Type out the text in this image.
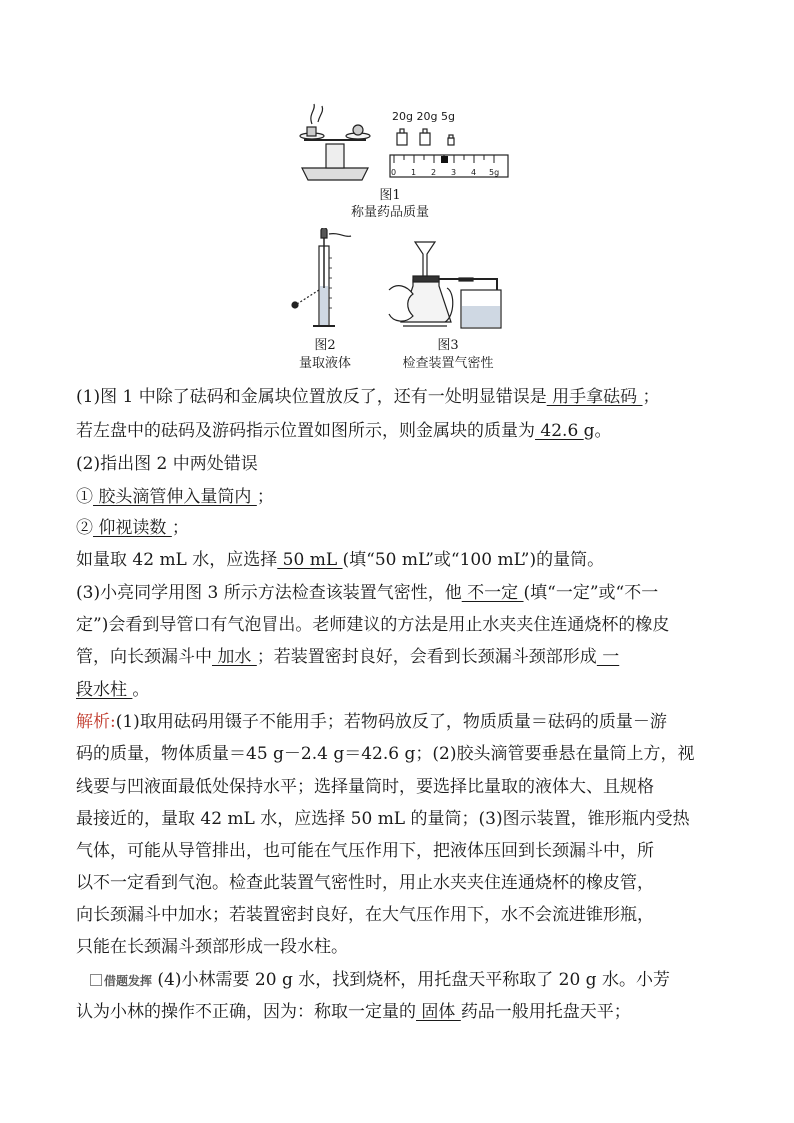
20g 20g 5g
0 1 2 3 4 5g
图1
称量药品质量
图2
量取液体
图3
检查装置气密性
(1)图 1 中除了砝码和金属块位置放反了，还有一处明显错误是 用手拿砝码 ；
若左盘中的砝码及游码指示位置如图所示，则金属块的质量为 42.6 g。
(2)指出图 2 中两处错误
① 胶头滴管伸入量筒内 ；
② 仰视读数 ；
如量取 42 mL 水，应选择 50 mL (填“50 mL”或“100 mL”)的量筒。
(3)小亮同学用图 3 所示方法检查该装置气密性，他 不一定 (填“一定”或“不一
定”)会看到导管口有气泡冒出。老师建议的方法是用止水夹夹住连通烧杯的橡皮
管，向长颈漏斗中 加水 ；若装置密封良好，会看到长颈漏斗颈部形成 一
段水柱 。
解析:(1)取用砝码用镊子不能用手；若物码放反了，物质质量＝砝码的质量－游
码的质量，物体质量＝45 g－2.4 g＝42.6 g；(2)胶头滴管要垂悬在量筒上方，视
线要与凹液面最低处保持水平；选择量筒时，要选择比量取的液体大、且规格
最接近的，量取 42 mL 水，应选择 50 mL 的量筒；(3)图示装置，锥形瓶内受热
气体，可能从导管排出，也可能在气压作用下，把液体压回到长颈漏斗中，所
以不一定看到气泡。检查此装置气密性时，用止水夹夹住连通烧杯的橡皮管，
向长颈漏斗中加水；若装置密封良好，在大气压作用下，水不会流进锥形瓶，
只能在长颈漏斗颈部形成一段水柱。
借题发挥 (4)小林需要 20 g 水，找到烧杯，用托盘天平称取了 20 g 水。小芳
认为小林的操作不正确，因为：称取一定量的 固体 药品一般用托盘天平；
